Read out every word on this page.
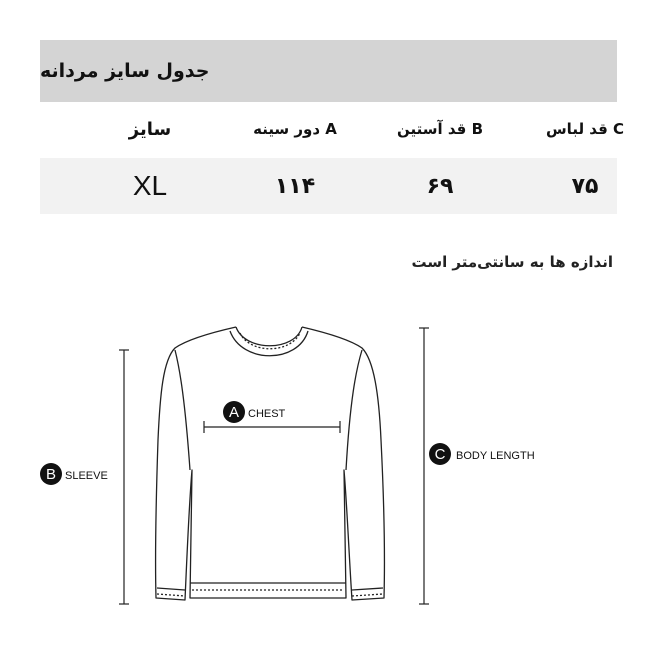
جدول سایز مردانه
C قد لباس
B قد آستین
A دور سینه
سایز
۷۵
۶۹
۱۱۴
XL
اندازه ها به سانتی‌متر است
A CHEST
B SLEEVE
C BODY LENGTH
